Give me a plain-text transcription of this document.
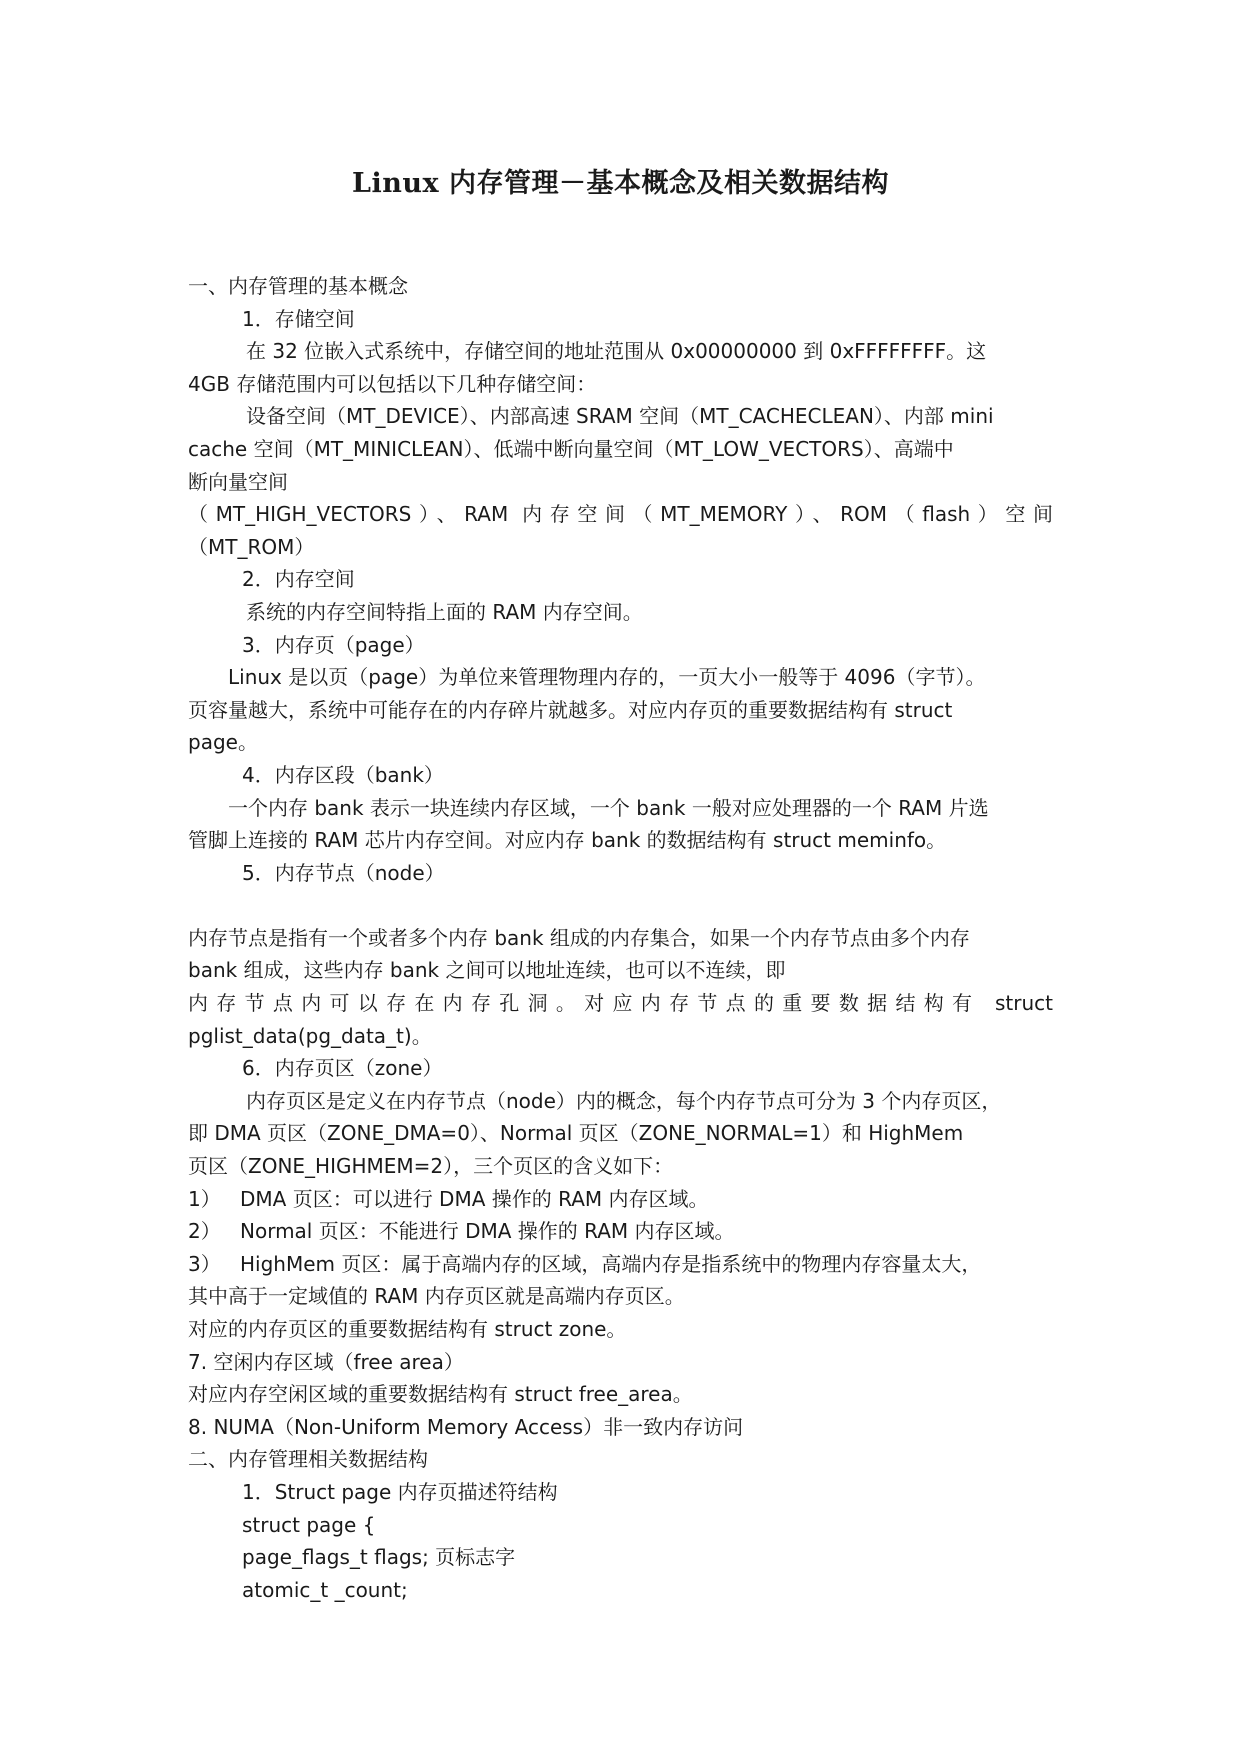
Linux 内存管理－基本概念及相关数据结构

一、内存管理的基本概念

1．存储空间

在 32 位嵌入式系统中，存储空间的地址范围从 0x00000000 到 0xFFFFFFFF。这

4GB 存储范围内可以包括以下几种存储空间：

设备空间（MT_DEVICE）、内部高速 SRAM 空间（MT_CACHECLEAN）、内部 mini

cache 空间（MT_MINICLEAN）、低端中断向量空间（MT_LOW_VECTORS）、高端中

断向量空间

（MT_HIGH_VECTORS）、RAM 内存空间（MT_MEMORY）、ROM（flash）空间

（MT_ROM）

2．内存空间

系统的内存空间特指上面的 RAM 内存空间。

3．内存页（page）

Linux 是以页（page）为单位来管理物理内存的，一页大小一般等于 4096（字节）。

页容量越大，系统中可能存在的内存碎片就越多。对应内存页的重要数据结构有 struct

page。

4．内存区段（bank）

一个内存 bank 表示一块连续内存区域，一个 bank 一般对应处理器的一个 RAM 片选

管脚上连接的 RAM 芯片内存空间。对应内存 bank 的数据结构有 struct meminfo。

5．内存节点（node）

内存节点是指有一个或者多个内存 bank 组成的内存集合，如果一个内存节点由多个内存

bank 组成，这些内存 bank 之间可以地址连续，也可以不连续，即

内存节点内可以存在内存孔洞。对应内存节点的重要数据结构有 struct

pglist_data(pg_data_t)。

6．内存页区（zone）

内存页区是定义在内存节点（node）内的概念，每个内存节点可分为 3 个内存页区，

即 DMA 页区（ZONE_DMA=0）、Normal 页区（ZONE_NORMAL=1）和 HighMem

页区（ZONE_HIGHMEM=2），三个页区的含义如下：

1） DMA 页区：可以进行 DMA 操作的 RAM 内存区域。

2） Normal 页区：不能进行 DMA 操作的 RAM 内存区域。

3） HighMem 页区：属于高端内存的区域，高端内存是指系统中的物理内存容量太大，

其中高于一定域值的 RAM 内存页区就是高端内存页区。

对应的内存页区的重要数据结构有 struct zone。

7. 空闲内存区域（free area）

对应内存空闲区域的重要数据结构有 struct free_area。

8. NUMA（Non-Uniform Memory Access）非一致内存访问

二、内存管理相关数据结构

1．Struct page 内存页描述符结构

struct page {

page_flags_t flags; 页标志字

atomic_t _count;
